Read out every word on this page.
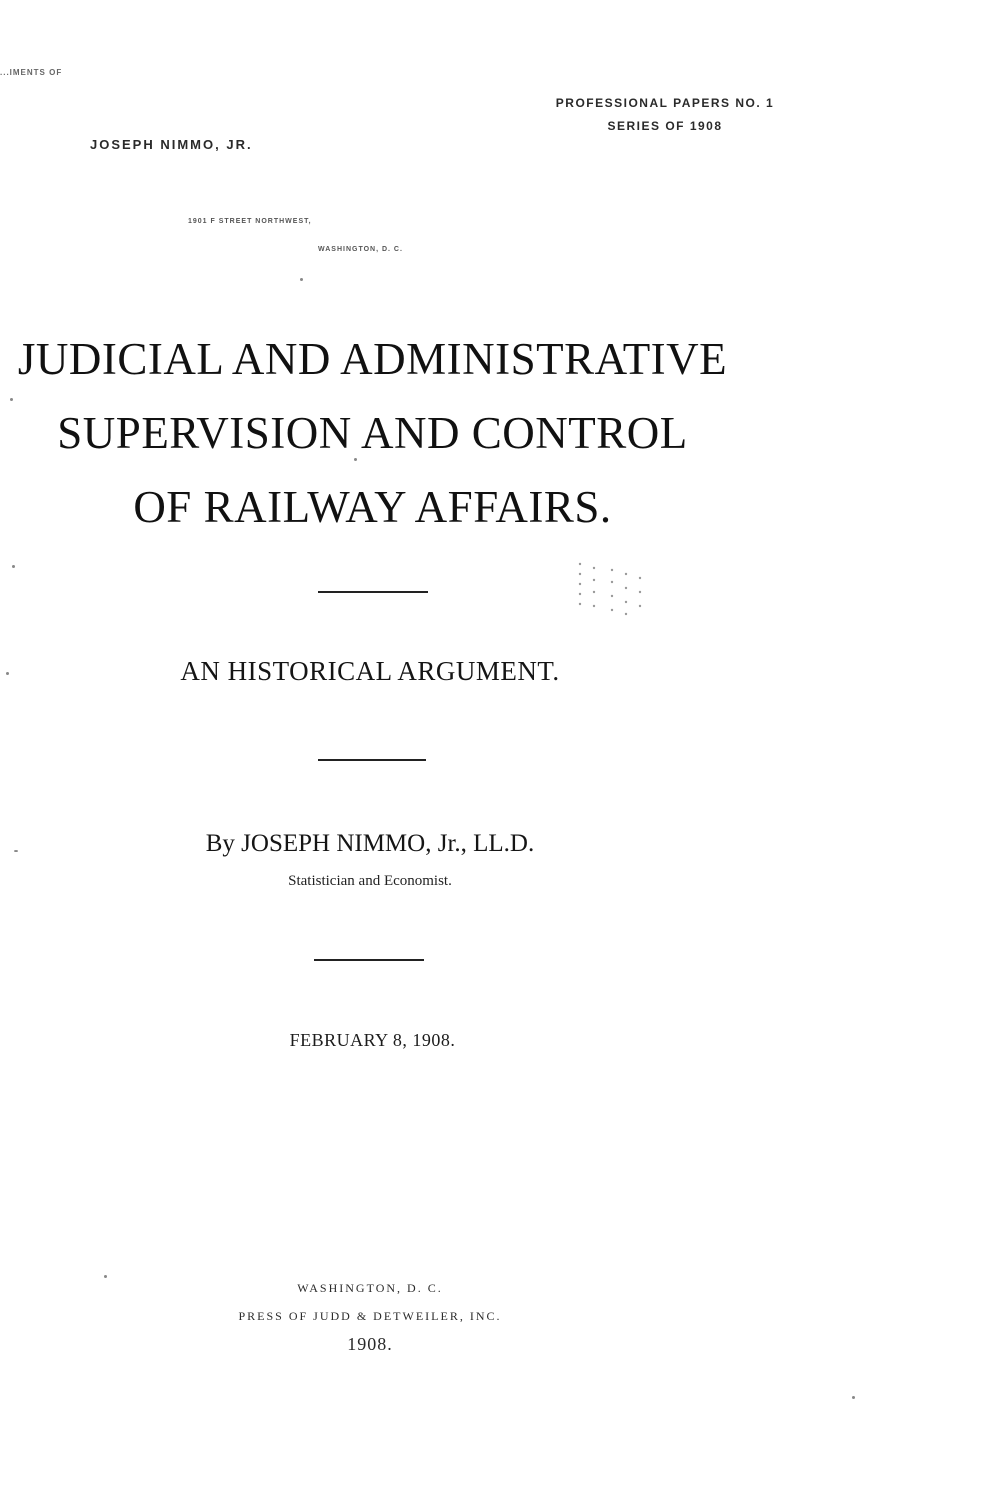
...IMENTS OF
JOSEPH NIMMO, JR.
1901 F STREET NORTHWEST,
WASHINGTON, D. C.
PROFESSIONAL PAPERS NO. 1
SERIES OF 1908
JUDICIAL AND ADMINISTRATIVE
SUPERVISION AND CONTROL
OF RAILWAY AFFAIRS.
AN HISTORICAL ARGUMENT.
By JOSEPH NIMMO, Jr., LL.D.
Statistician and Economist.
FEBRUARY 8, 1908.
WASHINGTON, D. C.
PRESS OF JUDD & DETWEILER, INC.
1908.
